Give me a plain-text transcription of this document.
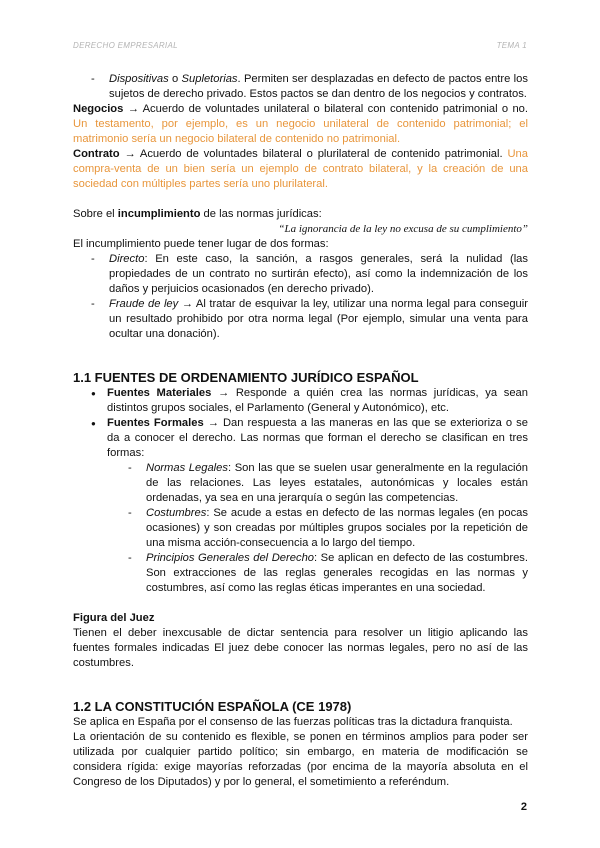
DERECHO EMPRESARIAL	TEMA 1

- Dispositivas o Supletorias. Permiten ser desplazadas en defecto de pactos entre los sujetos de derecho privado. Estos pactos se dan dentro de los negocios y contratos.

Negocios → Acuerdo de voluntades unilateral o bilateral con contenido patrimonial o no. Un testamento, por ejemplo, es un negocio unilateral de contenido patrimonial; el matrimonio sería un negocio bilateral de contenido no patrimonial.

Contrato → Acuerdo de voluntades bilateral o plurilateral de contenido patrimonial. Una compra-venta de un bien sería un ejemplo de contrato bilateral, y la creación de una sociedad con múltiples partes sería uno plurilateral.

Sobre el incumplimiento de las normas jurídicas:

“La ignorancia de la ley no excusa de su cumplimiento”

El incumplimiento puede tener lugar de dos formas:

- Directo: En este caso, la sanción, a rasgos generales, será la nulidad (las propiedades de un contrato no surtirán efecto), así como la indemnización de los daños y perjuicios ocasionados (en derecho privado).

- Fraude de ley → Al tratar de esquivar la ley, utilizar una norma legal para conseguir un resultado prohibido por otra norma legal (Por ejemplo, simular una venta para ocultar una donación).

1.1 FUENTES DE ORDENAMIENTO JURÍDICO ESPAÑOL

● Fuentes Materiales → Responde a quién crea las normas jurídicas, ya sean distintos grupos sociales, el Parlamento (General y Autonómico), etc.

● Fuentes Formales → Dan respuesta a las maneras en las que se exterioriza o se da a conocer el derecho. Las normas que forman el derecho se clasifican en tres formas:

- Normas Legales: Son las que se suelen usar generalmente en la regulación de las relaciones. Las leyes estatales, autonómicas y locales están ordenadas, ya sea en una jerarquía o según las competencias.

- Costumbres: Se acude a estas en defecto de las normas legales (en pocas ocasiones) y son creadas por múltiples grupos sociales por la repetición de una misma acción-consecuencia a lo largo del tiempo.

- Principios Generales del Derecho: Se aplican en defecto de las costumbres. Son extracciones de las reglas generales recogidas en las normas y costumbres, así como las reglas éticas imperantes en una sociedad.

Figura del Juez

Tienen el deber inexcusable de dictar sentencia para resolver un litigio aplicando las fuentes formales indicadas El juez debe conocer las normas legales, pero no así de las costumbres.

1.2 LA CONSTITUCIÓN ESPAÑOLA (CE 1978)

Se aplica en España por el consenso de las fuerzas políticas tras la dictadura franquista.

La orientación de su contenido es flexible, se ponen en términos amplios para poder ser utilizada por cualquier partido político; sin embargo, en materia de modificación se considera rígida: exige mayorías reforzadas (por encima de la mayoría absoluta en el Congreso de los Diputados) y por lo general, el sometimiento a referéndum.

2
